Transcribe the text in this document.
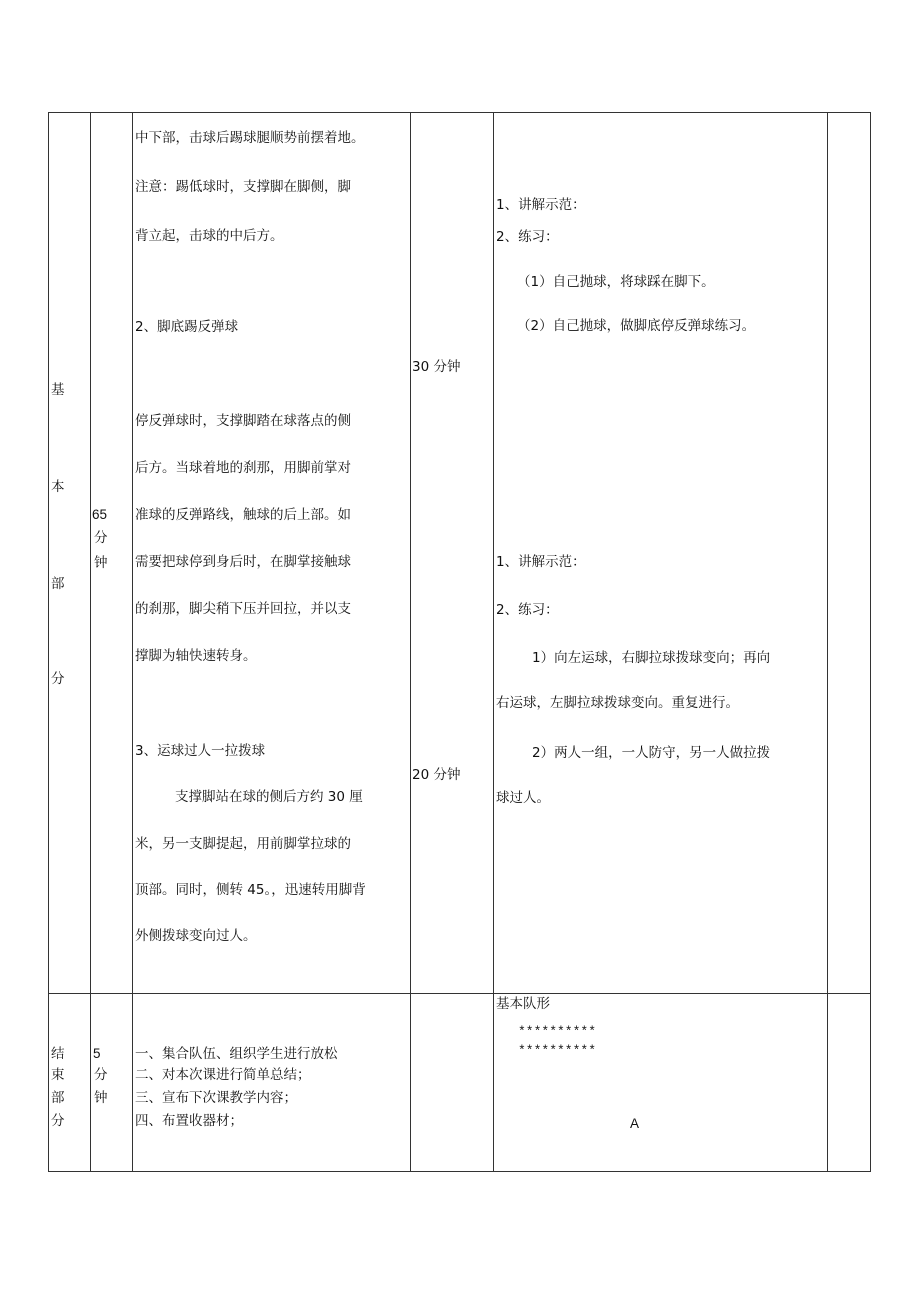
基
本
部
分
65
分
钟
中下部，击球后踢球腿顺势前摆着地。
注意：踢低球时，支撑脚在脚侧，脚
背立起，击球的中后方。
2、脚底踢反弹球
停反弹球时，支撑脚踏在球落点的侧
后方。当球着地的刹那，用脚前掌对
准球的反弹路线，触球的后上部。如
需要把球停到身后时，在脚掌接触球
的刹那，脚尖稍下压并回拉，并以支
撑脚为轴快速转身。
3、运球过人一拉拨球
支撑脚站在球的侧后方约 30 厘
米，另一支脚提起，用前脚掌拉球的
顶部。同时，侧转 45。，迅速转用脚背
外侧拨球变向过人。
30 分钟
20 分钟
1、讲解示范：
2、练习：
（1）自己抛球，将球踩在脚下。
（2）自己抛球，做脚底停反弹球练习。
1、讲解示范：
2、练习：
1）向左运球，右脚拉球拨球变向；再向
右运球，左脚拉球拨球变向。重复进行。
2）两人一组，一人防守，另一人做拉拨
球过人。
结
束
部
分
5
分
钟
一、集合队伍、组织学生进行放松
二、对本次课进行简单总结；
三、宣布下次课教学内容；
四、布置收器材；
基本队形
**********
**********
A
